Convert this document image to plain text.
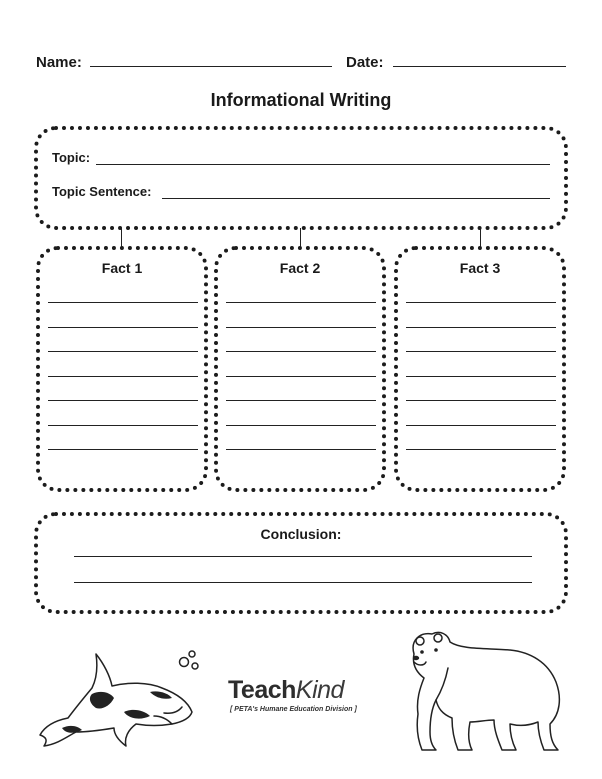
Name:	Date:
Informational Writing
Topic:
Topic Sentence:
Fact 1	Fact 2	Fact 3
Conclusion:
TeachKind
[ PETA's Humane Education Division ]
